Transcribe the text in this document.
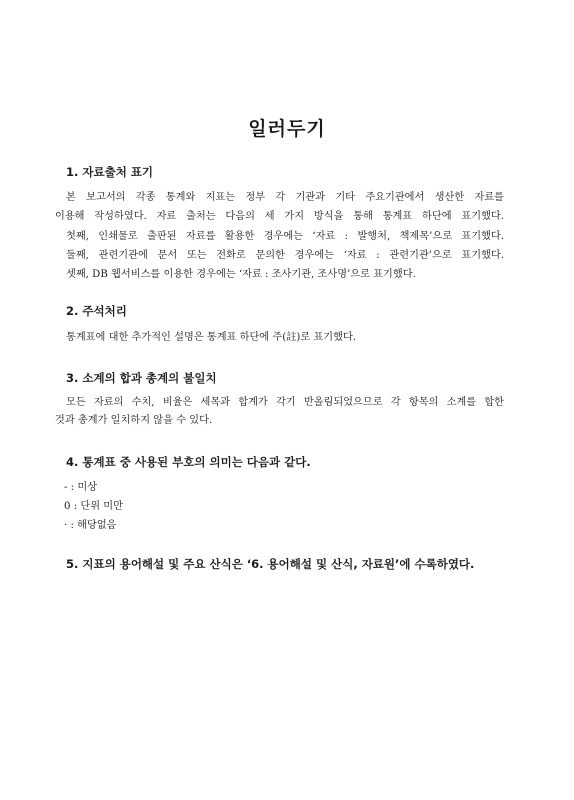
일러두기
1. 자료출처 표기

본 보고서의 각종 통계와 지표는 정부 각 기관과 기타 주요기관에서 생산한 자료를

이용해 작성하였다. 자료 출처는 다음의 세 가지 방식을 통해 통계표 하단에 표기했다.

첫째, 인쇄물로 출판된 자료를 활용한 경우에는 ‘자료 : 발행처, 책제목’으로 표기했다.

둘째, 관련기관에 문서 또는 전화로 문의한 경우에는 ‘자료 : 관련기관’으로 표기했다.

셋째, DB 웹서비스를 이용한 경우에는 ‘자료 : 조사기관, 조사명’으로 표기했다.

2. 주석처리

통계표에 대한 추가적인 설명은 통계표 하단에 주(註)로 표기했다.

3. 소계의 합과 총계의 불일치

모든 자료의 수치, 비율은 세목과 합계가 각기 반올림되었으므로 각 항목의 소계를 합한

것과 총계가 일치하지 않을 수 있다.

4. 통계표 중 사용된 부호의 의미는 다음과 같다.

- : 미상

0 : 단위 미만

· : 해당없음

5. 지표의 용어해설 및 주요 산식은 ‘6. 용어해설 및 산식, 자료원’에 수록하였다.
